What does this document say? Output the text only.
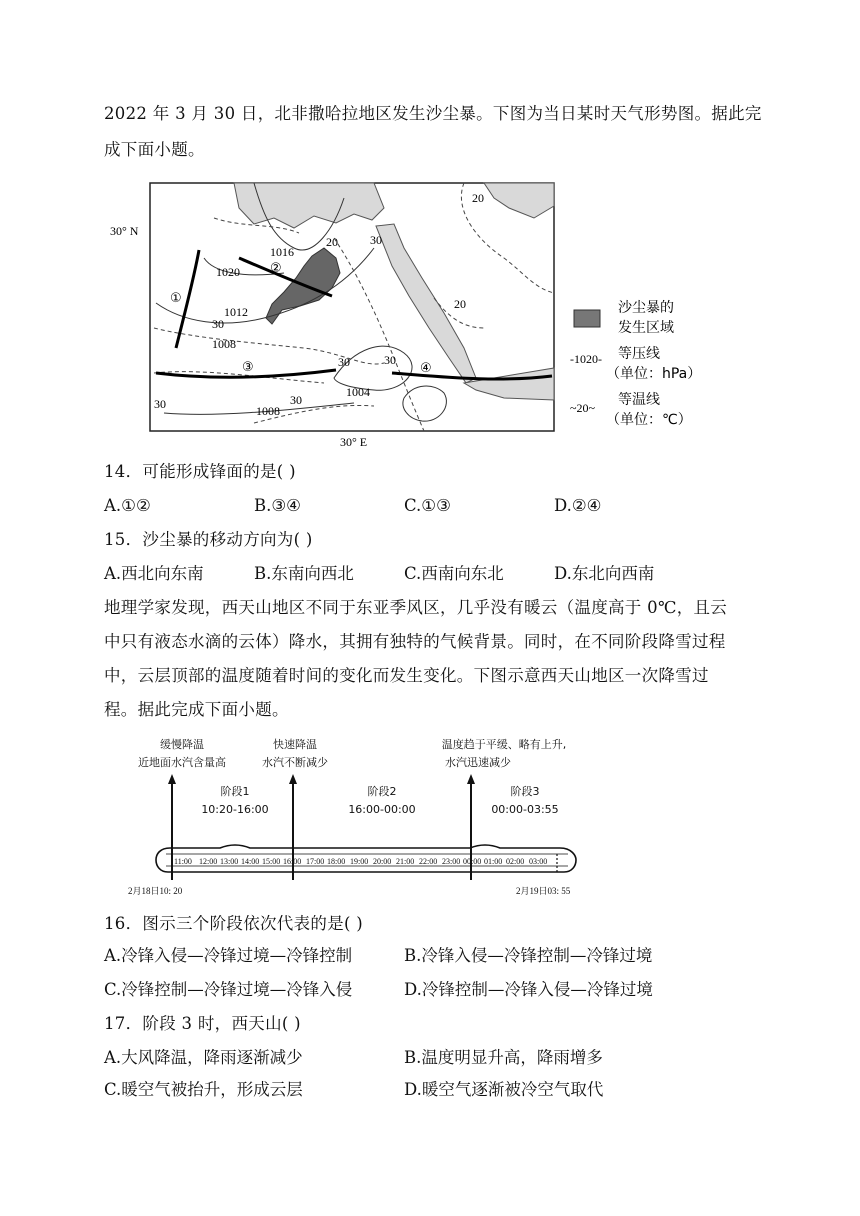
2022 年 3 月 30 日，北非撒哈拉地区发生沙尘暴。下图为当日某时天气形势图。据此完
成下面小题。
30° N
30° E
1016
1020
1012
1008
1004
1008
20
20	30
20
30
30	30
30	30
①
②
③	④
沙尘暴的
发生区域
-1020- 等压线
（单位：hPa）
~20~ 等温线
（单位：℃）
14．可能形成锋面的是( )
A.①②	B.③④	C.①③	D.②④
15．沙尘暴的移动方向为( )
A.西北向东南	B.东南向西北	C.西南向东北	D.东北向西南
地理学家发现，西天山地区不同于东亚季风区，几乎没有暖云（温度高于 0℃，且云
中只有液态水滴的云体）降水，其拥有独特的气候背景。同时，在不同阶段降雪过程
中，云层顶部的温度随着时间的变化而发生变化。下图示意西天山地区一次降雪过
程。据此完成下面小题。
缓慢降温
近地面水汽含量高
快速降温
水汽不断减少
温度趋于平缓、略有上升,
水汽迅速减少
阶段1
10:20-16:00
阶段2
16:00-00:00
阶段3
00:00-03:55
11:00 12:00 13:00 14:00 15:00 16:00 17:00 18:00 19:00 20:00 21:00 22:00 23:00 00:00 01:00 02:00 03:00
2月18日10: 20	2月19日03: 55
16．图示三个阶段依次代表的是( )
A.冷锋入侵—冷锋过境—冷锋控制	B.冷锋入侵—冷锋控制—冷锋过境
C.冷锋控制—冷锋过境—冷锋入侵	D.冷锋控制—冷锋入侵—冷锋过境
17．阶段 3 时，西天山( )
A.大风降温，降雨逐渐减少	B.温度明显升高，降雨增多
C.暖空气被抬升，形成云层	D.暖空气逐渐被冷空气取代
